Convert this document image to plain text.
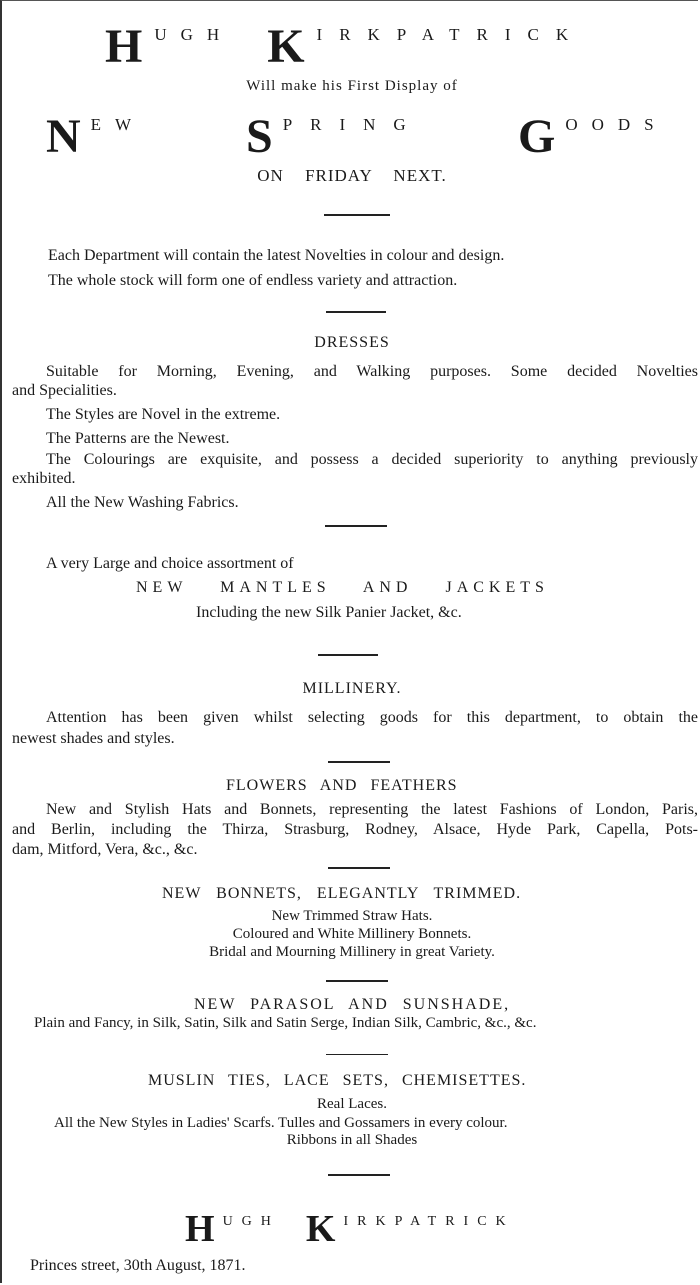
H UGH K IRKPATRICK
Will make his First Display of
N EW S PRING G OODS
ON FRIDAY NEXT.
Each Department will contain the latest Novelties in colour and design.
The whole stock will form one of endless variety and attraction.
DRESSES
Suitable for Morning, Evening, and Walking purposes. Some decided Novelties
and Specialities.
The Styles are Novel in the extreme.
The Patterns are the Newest.
The Colourings are exquisite, and possess a decided superiority to anything previously
exhibited.
All the New Washing Fabrics.
A very Large and choice assortment of
NEW MANTLES AND JACKETS
Including the new Silk Panier Jacket, &c.
MILLINERY.
Attention has been given whilst selecting goods for this department, to obtain the
newest shades and styles.
FLOWERS AND FEATHERS
New and Stylish Hats and Bonnets, representing the latest Fashions of London, Paris,
and Berlin, including the Thirza, Strasburg, Rodney, Alsace, Hyde Park, Capella, Pots-
dam, Mitford, Vera, &c., &c.
NEW BONNETS, ELEGANTLY TRIMMED.
New Trimmed Straw Hats.
Coloured and White Millinery Bonnets.
Bridal and Mourning Millinery in great Variety.
NEW PARASOL AND SUNSHADE,
Plain and Fancy, in Silk, Satin, Silk and Satin Serge, Indian Silk, Cambric, &c., &c.
MUSLIN TIES, LACE SETS, CHEMISETTES.
Real Laces.
All the New Styles in Ladies' Scarfs. Tulles and Gossamers in every colour.
Ribbons in all Shades
H UGH K IRKPATRICK
Princes street, 30th August, 1871.
